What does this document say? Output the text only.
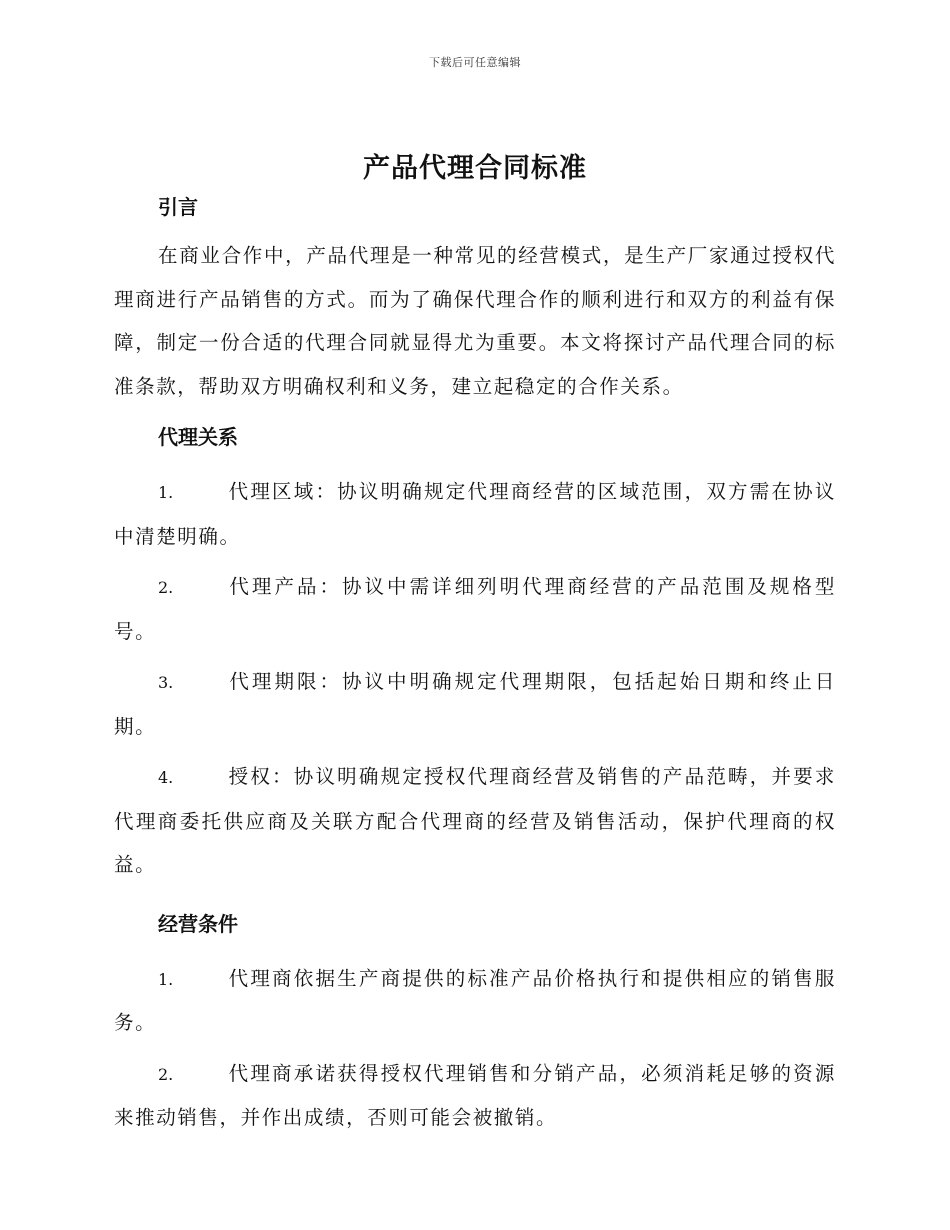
下载后可任意编辑
产品代理合同标准

引言

在商业合作中，产品代理是一种常见的经营模式，是生产厂家通过授权代理商进行产品销售的方式。而为了确保代理合作的顺利进行和双方的利益有保障，制定一份合适的代理合同就显得尤为重要。本文将探讨产品代理合同的标准条款，帮助双方明确权利和义务，建立起稳定的合作关系。

代理关系

1.	代理区域：协议明确规定代理商经营的区域范围，双方需在协议中清楚明确。

2.	代理产品：协议中需详细列明代理商经营的产品范围及规格型号。

3.	代理期限：协议中明确规定代理期限，包括起始日期和终止日期。

4.	授权：协议明确规定授权代理商经营及销售的产品范畴，并要求代理商委托供应商及关联方配合代理商的经营及销售活动，保护代理商的权益。

经营条件

1.	代理商依据生产商提供的标准产品价格执行和提供相应的销售服务。

2.	代理商承诺获得授权代理销售和分销产品，必须消耗足够的资源来推动销售，并作出成绩，否则可能会被撤销。
